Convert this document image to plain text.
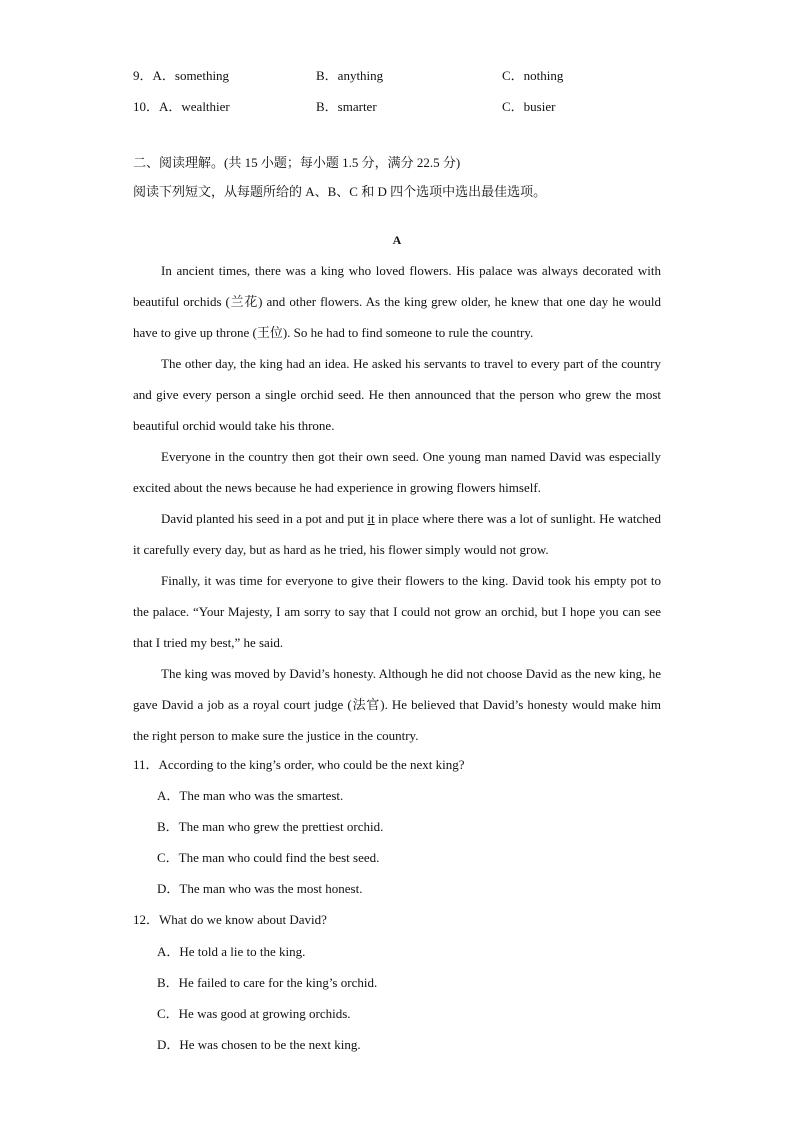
9．A．something	B．anything	C．nothing
10．A．wealthier	B．smarter	C．busier
二、阅读理解。(共 15 小题；每小题 1.5 分，满分 22.5 分)
阅读下列短文，从每题所给的 A、B、C 和 D 四个选项中选出最佳选项。
A

In ancient times, there was a king who loved flowers. His palace was always decorated with beautiful orchids (兰花) and other flowers. As the king grew older, he knew that one day he would have to give up throne (王位). So he had to find someone to rule the country.

The other day, the king had an idea. He asked his servants to travel to every part of the country and give every person a single orchid seed. He then announced that the person who grew the most beautiful orchid would take his throne.

Everyone in the country then got their own seed. One young man named David was especially excited about the news because he had experience in growing flowers himself.

David planted his seed in a pot and put it in place where there was a lot of sunlight. He watched it carefully every day, but as hard as he tried, his flower simply would not grow.

Finally, it was time for everyone to give their flowers to the king. David took his empty pot to the palace. “Your Majesty, I am sorry to say that I could not grow an orchid, but I hope you can see that I tried my best,” he said.

The king was moved by David’s honesty. Although he did not choose David as the new king, he gave David a job as a royal court judge (法官). He believed that David’s honesty would make him the right person to make sure the justice in the country.

11．According to the king’s order, who could be the next king?
A．The man who was the smartest.
B．The man who grew the prettiest orchid.
C．The man who could find the best seed.
D．The man who was the most honest.
12．What do we know about David?
A．He told a lie to the king.
B．He failed to care for the king’s orchid.
C．He was good at growing orchids.
D．He was chosen to be the next king.
